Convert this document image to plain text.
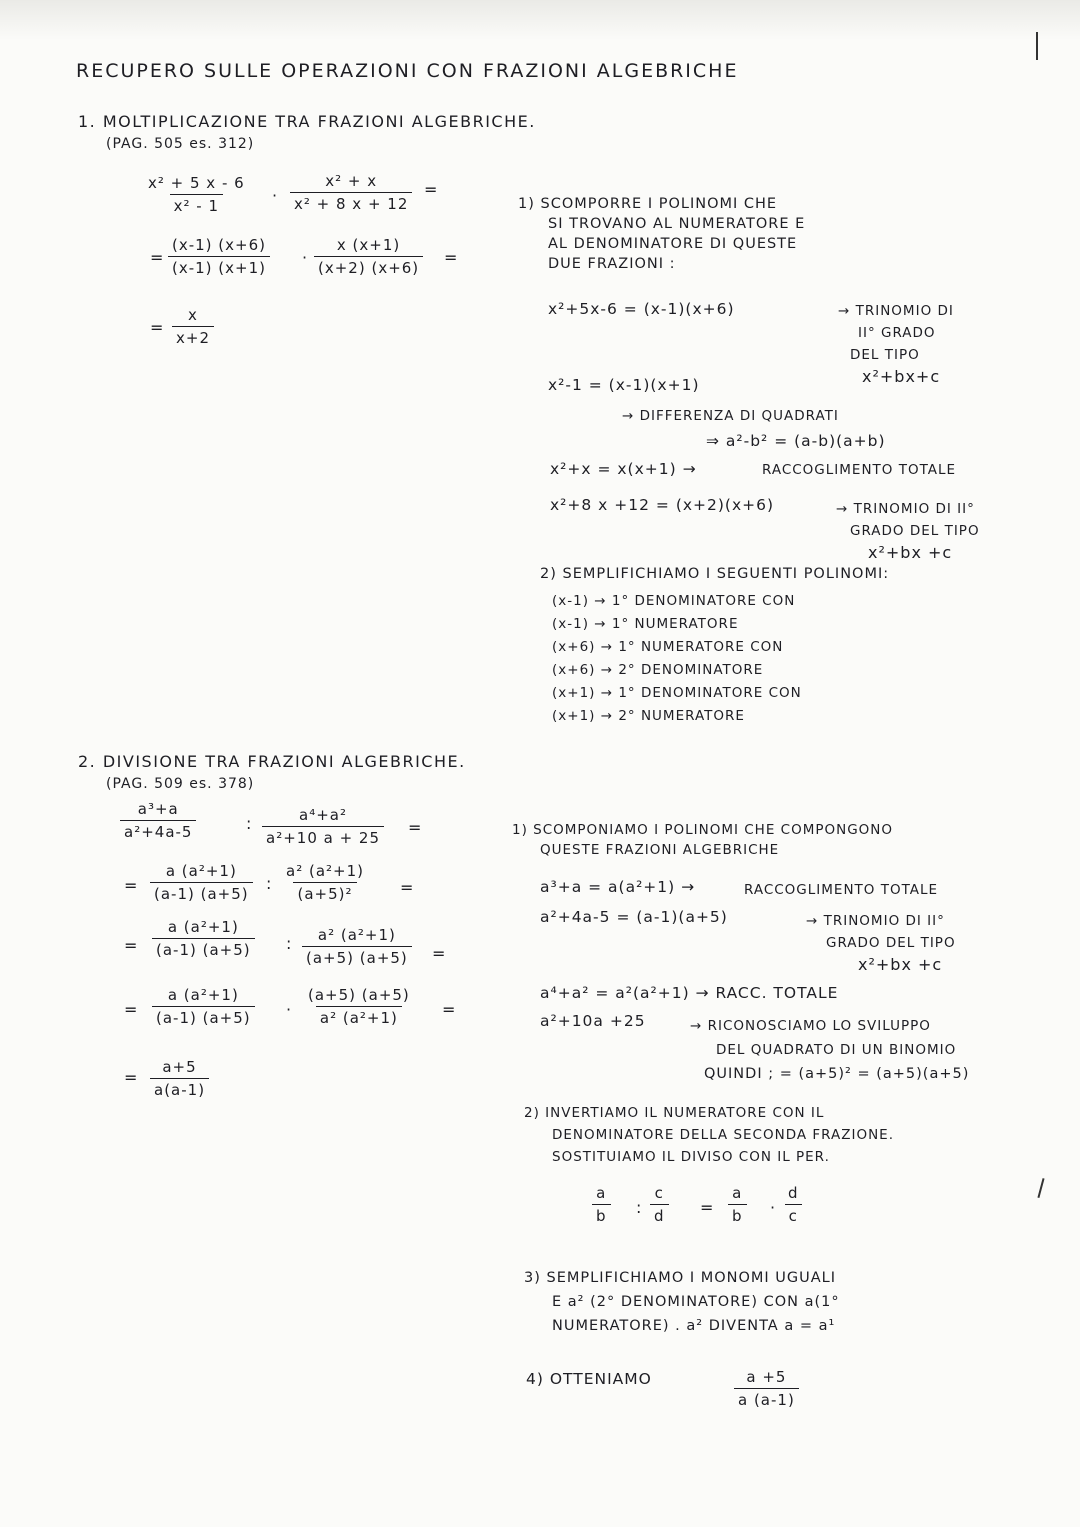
RECUPERO SULLE OPERAZIONI CON FRAZIONI ALGEBRICHE
1. MOLTIPLICAZIONE TRA FRAZIONI ALGEBRICHE.
(PAG. 505 es. 312)
$\frac{\text{x² + 5 x - 6}}{\text{x² - 1}} \cdot \frac{\text{x² + x}}{\text{x² + 8 x + 12}}$ =
= $\frac{(x-1) (x+6)}{(x-1) (x+1)} \cdot \frac{x (x+1)}{(x+2) (x+6)}$ =
= $\frac{x}{x+2}$
1) SCOMPORRE I POLINOMI CHE
SI TROVANO AL NUMERATORE E
AL DENOMINATORE DI QUESTE
DUE FRAZIONI :
x²+5x-6 = (x-1)(x+6)	→ TRINOMIO DI
II° GRADO
DEL TIPO
x²+bx+c
x²-1 = (x-1)(x+1)
→ DIFFERENZA DI QUADRATI
⇒ a²-b² = (a-b)(a+b)
x²+x = x(x+1) →	RACCOGLIMENTO TOTALE
x²+8 x +12 = (x+2)(x+6)	→ TRINOMIO DI II°
GRADO DEL TIPO
x²+bx +c
2) SEMPLIFICHIAMO I SEGUENTI POLINOMI:
(x-1) → 1° DENOMINATORE CON
(x-1) → 1° NUMERATORE
(x+6) → 1° NUMERATORE CON
(x+6) → 2° DENOMINATORE
(x+1) → 1° DENOMINATORE CON
(x+1) → 2° NUMERATORE
2. DIVISIONE TRA FRAZIONI ALGEBRICHE.
(PAG. 509 es. 378)
$\frac{\text{a³+a}}{\text{a²+4a-5}}$	: $\frac{\text{a⁴+a²}}{\text{a²+10 a + 25}}$ =
= $\frac{\text{a (a²+1)}}{(a-1) (a+5)}$ : $\frac{\text{a² (a²+1)}}{\text{(a+5)²}}$ =
= $\frac{\text{a (a²+1)}}{(a-1) (a+5)}$ : $\frac{\text{a² (a²+1)}}{(a+5) (a+5)}$ =
= $\frac{\text{a (a²+1)}}{(a-1) (a+5)} \cdot \frac{(a+5) (a+5)}{\text{a² (a²+1)}}$ =
= $\frac{a+5}{a(a-1)}$
1) SCOMPONIAMO I POLINOMI CHE COMPONGONO
QUESTE FRAZIONI ALGEBRICHE
a³+a = a(a²+1) →	RACCOGLIMENTO TOTALE
a²+4a-5 = (a-1)(a+5)	→ TRINOMIO DI II°
GRADO DEL TIPO
x²+bx +c
a⁴+a² = a²(a²+1) → RACC. TOTALE
a²+10a +25	→ RICONOSCIAMO LO SVILUPPO
DEL QUADRATO DI UN BINOMIO
QUINDI ; = (a+5)² = (a+5)(a+5)
2) INVERTIAMO IL NUMERATORE CON IL
DENOMINATORE DELLA SECONDA FRAZIONE.
SOSTITUIAMO IL DIVISO CON IL PER.
$\frac{a}{b}$ : $\frac{c}{d} = \frac{a}{b} \cdot \frac{d}{c}$
3) SEMPLIFICHIAMO I MONOMI UGUALI
E a² (2° DENOMINATORE) CON a(1°
NUMERATORE) . a² DIVENTA a = a¹
4) OTTENIAMO	$\frac{a +5}{a (a-1)}$
